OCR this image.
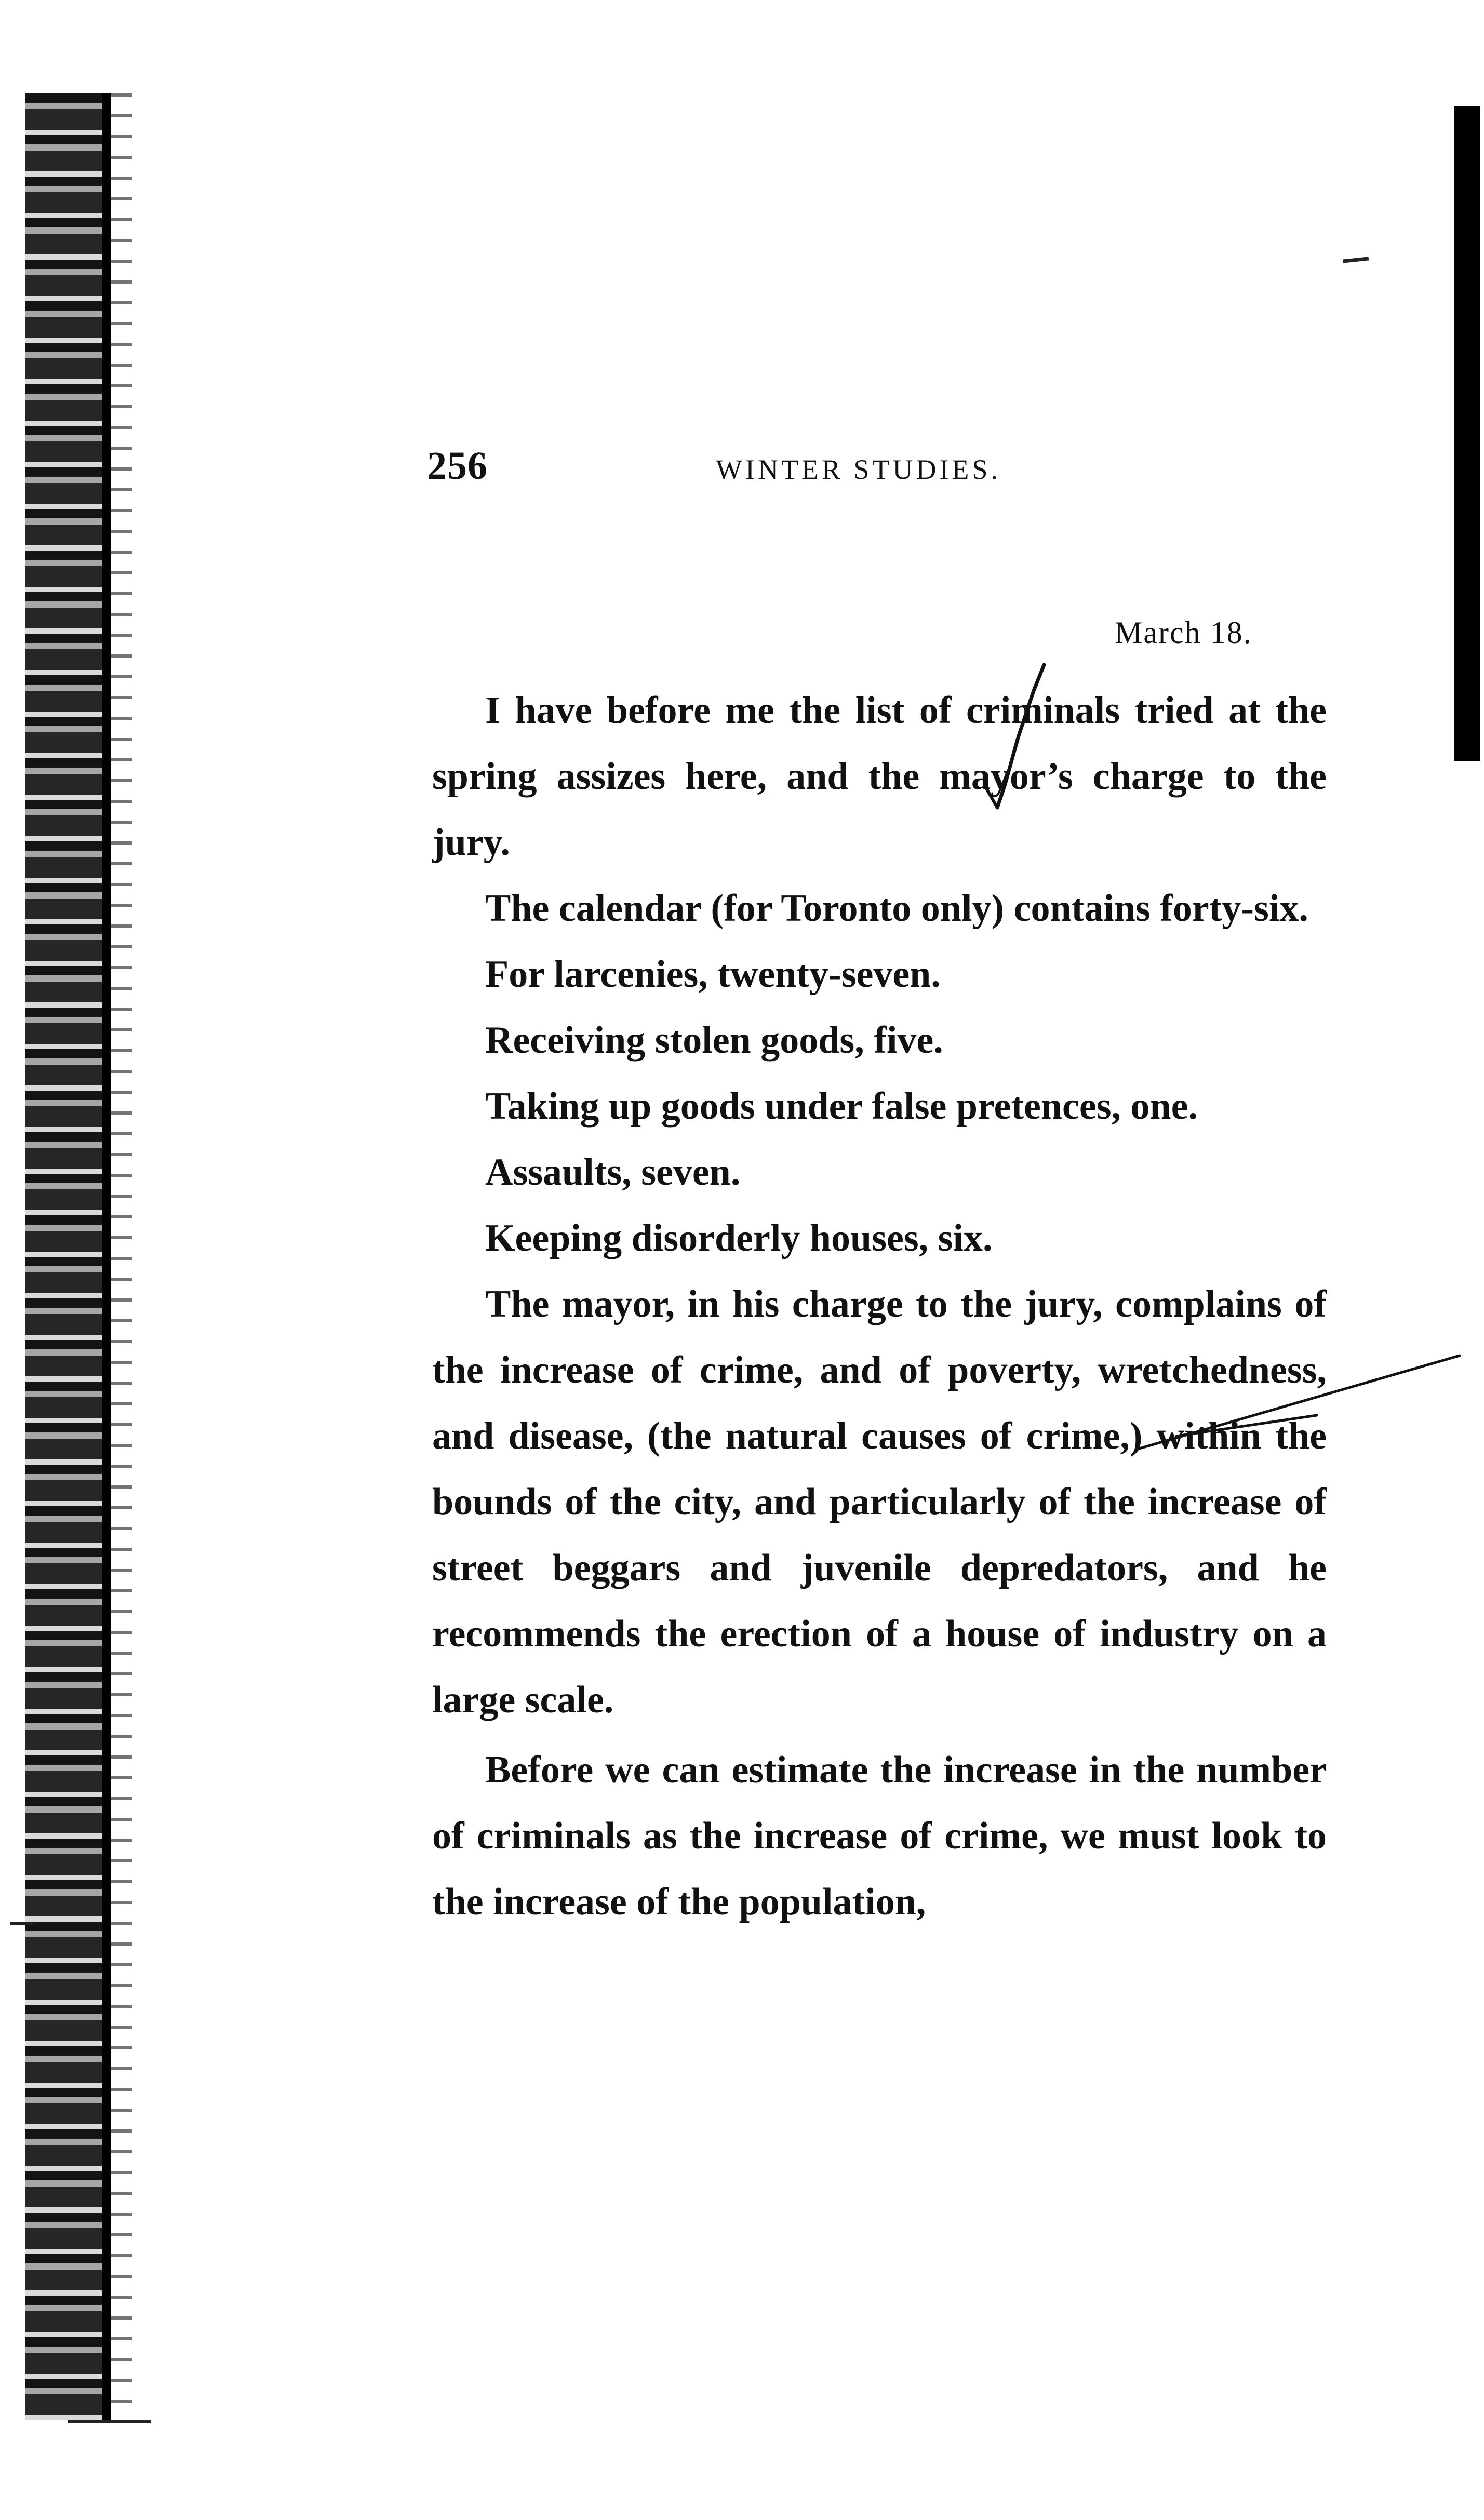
256	WINTER STUDIES.
March 18.

I have before me the list of criminals tried at the spring assizes here, and the mayor’s charge to the jury.

The calendar (for Toronto only) contains forty-six.

For larcenies, twenty-seven.

Receiving stolen goods, five.

Taking up goods under false pretences, one.

Assaults, seven.

Keeping disorderly houses, six.

The mayor, in his charge to the jury, complains of the increase of crime, and of poverty, wretchedness, and disease, (the natural causes of crime,) within the bounds of the city, and particularly of the increase of street beggars and juvenile depredators, and he recommends the erection of a house of industry on a large scale.

Before we can estimate the increase in the number of criminals as the increase of crime, we must look to the increase of the population,
